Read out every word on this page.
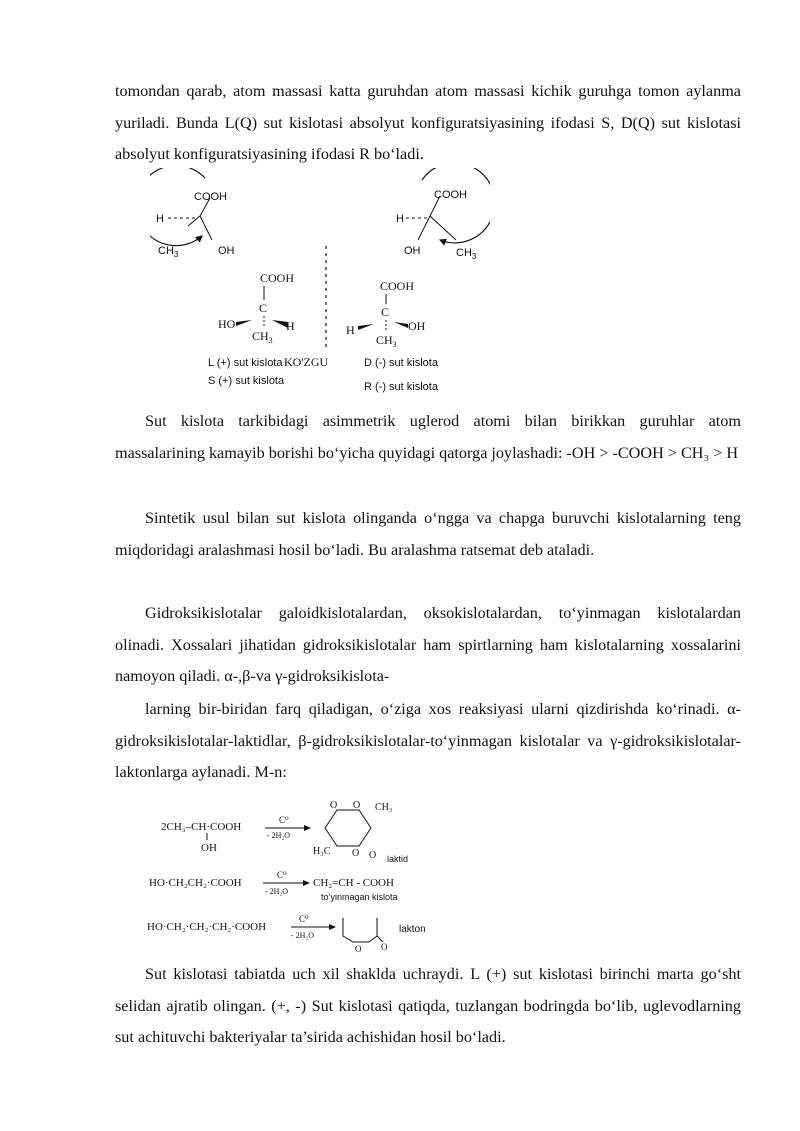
tomondan qarab, atom massasi katta guruhdan atom massasi kichik guruhga tomon aylanma yuriladi. Bunda L(Q) sut kislotasi absolyut konfiguratsiyasining ifodasi S, D(Q) sut kislotasi absolyut konfiguratsiyasining ifodasi R bo‘ladi.

COOH
H
$CH_3$	OH
COOH
H
OH	$CH_3$
COOH
C
HO	H
$CH_3$
COOH
C
H	OH
$CH_3$
L (+) sut kislota KO'ZGU	D (-) sut kislota
S (+) sut kislota	R (-) sut kislota

Sut kislota tarkibidagi asimmetrik uglerod atomi bilan birikkan guruhlar atom massalarining kamayib borishi bo‘yicha quyidagi qatorga joylashadi: -OH > -COOH > CH₃ > H

Sintetik usul bilan sut kislota olinganda o‘ngga va chapga buruvchi kislotalarning teng miqdoridagi aralashmasi hosil bo‘ladi. Bu aralashma ratsemat deb ataladi.

Gidroksikislotalar galoidkislotalardan, oksokislotalardan, to‘yinmagan kislotalardan olinadi. Xossalari jihatidan gidroksikislotalar ham spirtlarning ham kislotalarning xossalarini namoyon qiladi. α-,β-va γ-gidroksikislota-

larning bir-biridan farq qiladigan, o‘ziga xos reaksiyasi ularni qizdirishda ko‘rinadi. α-gidroksikislotalar-laktidlar, β-gidroksikislotalar-to‘yinmagan kislotalar va γ-gidroksikislotalar-laktonlarga aylanadi. M-n:

2CH₃–CH·COOH
OH
C⁰
- 2H₂O
O O
O O
CH₃
H₃C
laktid
HO·CH₂CH₂·COOH
C⁰
- 2H₂O
CH₂=CH - COOH
to‘yinmagan kislota
HO·CH₂·CH₂·CH₂·COOH
C⁰
- 2H₂O
O O
lakton

Sut kislotasi tabiatda uch xil shaklda uchraydi. L (+) sut kislotasi birinchi marta go‘sht selidan ajratib olingan. (+, -) Sut kislotasi qatiqda, tuzlangan bodringda bo‘lib, uglevodlarning sut achituvchi bakteriyalar ta’sirida achishidan hosil bo‘ladi.
